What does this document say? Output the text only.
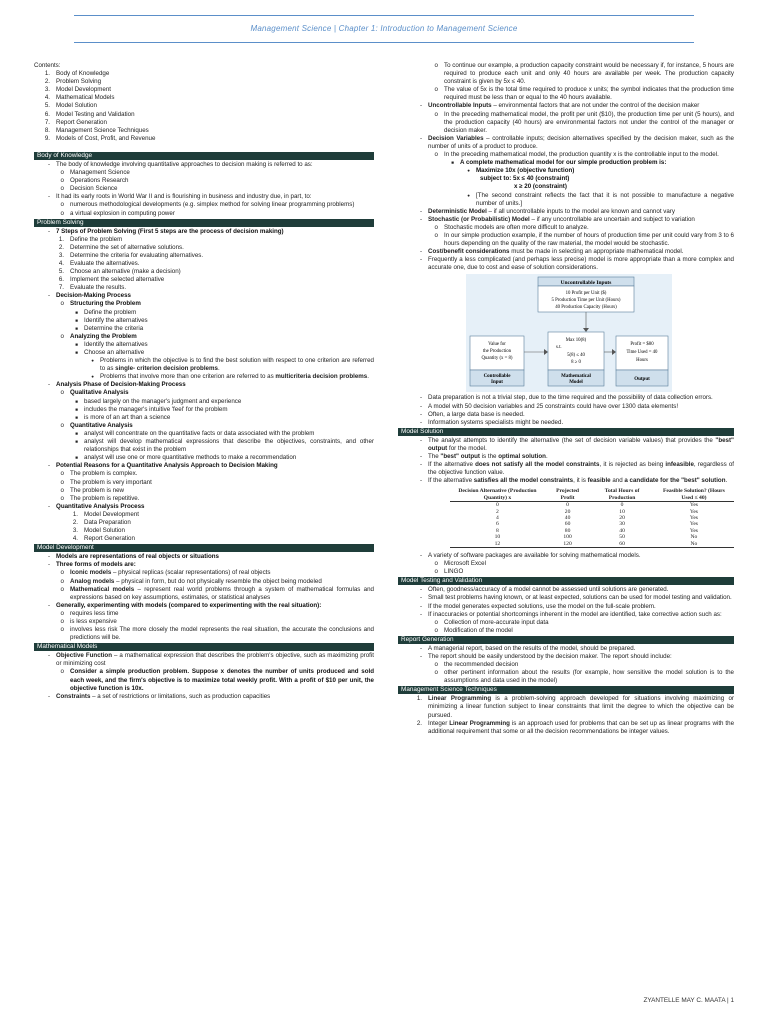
Management Science | Chapter 1: Introduction to Management Science
Contents:
1. Body of Knowledge
2. Problem Solving
3. Model Development
4. Mathematical Models
5. Model Solution
6. Model Testing and Validation
7. Report Generation
8. Management Science Techniques
9. Models of Cost, Profit, and Revenue
Body of Knowledge
- The body of knowledge involving quantitative approaches to decision making is referred to as:
o Management Science
o Operations Research
o Decision Science
- It had its early roots in World War II and is flourishing in business and industry due, in part, to:
o numerous methodological developments (e.g. simplex method for solving linear programming problems)
o a virtual explosion in computing power
Problem Solving
- 7 Steps of Problem Solving (First 5 steps are the process of decision making)
1. Define the problem
2. Determine the set of alternative solutions.
3. Determine the criteria for evaluating alternatives.
4. Evaluate the alternatives.
5. Choose an alternative (make a decision)
6. Implement the selected alternative
7. Evaluate the results.
- Decision-Making Process
o Structuring the Problem
■ Define the problem
■ Identify the alternatives
■ Determine the criteria
o Analyzing the Problem
■ Identify the alternatives
■ Choose an alternative
● Problems in which the objective is to find the best solution with respect to one criterion are referred to as single- criterion decision problems.
● Problems that involve more than one criterion are referred to as multicriteria decision problems.
- Analysis Phase of Decision-Making Process
o Qualitative Analysis
■ based largely on the manager's judgment and experience
■ includes the manager's intuitive 'feel' for the problem
■ is more of an art than a science
o Quantitative Analysis
■ analyst will concentrate on the quantitative facts or data associated with the problem
■ analyst will develop mathematical expressions that describe the objectives, constraints, and other relationships that exist in the problem
■ analyst will use one or more quantitative methods to make a recommendation
- Potential Reasons for a Quantitative Analysis Approach to Decision Making
o The problem is complex.
o The problem is very important
o The problem is new
o The problem is repetitive.
- Quantitative Analysis Process
1. Model Development
2. Data Preparation
3. Model Solution
4. Report Generation
Model Development
- Models are representations of real objects or situations
- Three forms of models are:
o Iconic models – physical replicas (scalar representations) of real objects
o Analog models – physical in form, but do not physically resemble the object being modeled
o Mathematical models – represent real world problems through a system of mathematical formulas and expressions based on key assumptions, estimates, or statistical analyses
- Generally, experimenting with models (compared to experimenting with the real situation):
o requires less time
o is less expensive
o involves less risk The more closely the model represents the real situation, the accurate the conclusions and predictions will be.
Mathematical Models
- Objective Function – a mathematical expression that describes the problem's objective, such as maximizing profit or minimizing cost
o Consider a simple production problem. Suppose x denotes the number of units produced and sold each week, and the firm's objective is to maximize total weekly profit. With a profit of $10 per unit, the objective function is 10x.
- Constraints – a set of restrictions or limitations, such as production capacities
o To continue our example, a production capacity constraint would be necessary if, for instance, 5 hours are required to produce each unit and only 40 hours are available per week. The production capacity constraint is given by 5x ≤ 40.
o The value of 5x is the total time required to produce x units; the symbol indicates that the production time required must be less than or equal to the 40 hours available.
- Uncontrollable Inputs – environmental factors that are not under the control of the decision maker
o In the preceding mathematical model, the profit per unit ($10), the production time per unit (5 hours), and the production capacity (40 hours) are environmental factors not under the control of the manager or decision maker.
- Decision Variables – controllable inputs; decision alternatives specified by the decision maker, such as the number of units of a product to produce.
o In the preceding mathematical model, the production quantity x is the controllable input to the model.
■ A complete mathematical model for our simple production problem is:
● Maximize 10x (objective function)
subject to: 5x ≤ 40 (constraint)
x ≥ 20 (constraint)
● [The second constraint reflects the fact that it is not possible to manufacture a negative number of units.]
- Deterministic Model – if all uncontrollable inputs to the model are known and cannot vary
- Stochastic (or Probabilistic) Model – if any uncontrollable are uncertain and subject to variation
o Stochastic models are often more difficult to analyze.
o In our simple production example, if the number of hours of production time per unit could vary from 3 to 6 hours depending on the quality of the raw material, the model would be stochastic.
- Cost/benefit considerations must be made in selecting an appropriate mathematical model.
- Frequently a less complicated (and perhaps less precise) model is more appropriate than a more complex and accurate one, due to cost and ease of solution considerations.
Uncontrollable Inputs
10 Profit per Unit ($)
5 Production Time per Unit (Hours)
40 Production Capacity (Hours)
Value for
the Production
Quantity (x = 8)
Controllable
Input
Max 10(8)
s.t.
5(8) ≤ 40
8 ≥ 0
Mathematical
Model
Profit = $80
Time Used = 40
Hours
Output
- Data preparation is not a trivial step, due to the time required and the possibility of data collection errors.
- A model with 50 decision variables and 25 constraints could have over 1300 data elements!
- Often, a large data base is needed.
- Information systems specialists might be needed.
Model Solution
- The analyst attempts to identify the alternative (the set of decision variable values) that provides the "best" output for the model.
- The "best" output is the optimal solution.
- If the alternative does not satisfy all the model constraints, it is rejected as being infeasible, regardless of the objective function value.
- If the alternative satisfies all the model constraints, it is feasible and a candidate for the "best" solution.
Decision Alternative (Production Quantity) x	Projected Profit	Total Hours of Production	Feasible Solution? (Hours Used ≤ 40)
0	0	0	Yes
2	20	10	Yes
4	40	20	Yes
6	60	30	Yes
8	80	40	Yes
10	100	50	No
12	120	60	No
- A variety of software packages are available for solving mathematical models.
o Microsoft Excel
o LINGO
Model Testing and Validation
- Often, goodness/accuracy of a model cannot be assessed until solutions are generated.
- Small test problems having known, or at least expected, solutions can be used for model testing and validation.
- If the model generates expected solutions, use the model on the full-scale problem.
- If inaccuracies or potential shortcomings inherent in the model are identified, take corrective action such as:
o Collection of more-accurate input data
o Modification of the model
Report Generation
- A managerial report, based on the results of the model, should be prepared.
- The report should be easily understood by the decision maker. The report should include:
o the recommended decision
o other pertinent information about the results (for example, how sensitive the model solution is to the assumptions and data used in the model)
Management Science Techniques
1. Linear Programming is a problem-solving approach developed for situations involving maximizing or minimizing a linear function subject to linear constraints that limit the degree to which the objective can be pursued.
2. Integer Linear Programming is an approach used for problems that can be set up as linear programs with the additional requirement that some or all the decision recommendations be integer values.
ZYANTELLE MAY C. MAATA | 1
